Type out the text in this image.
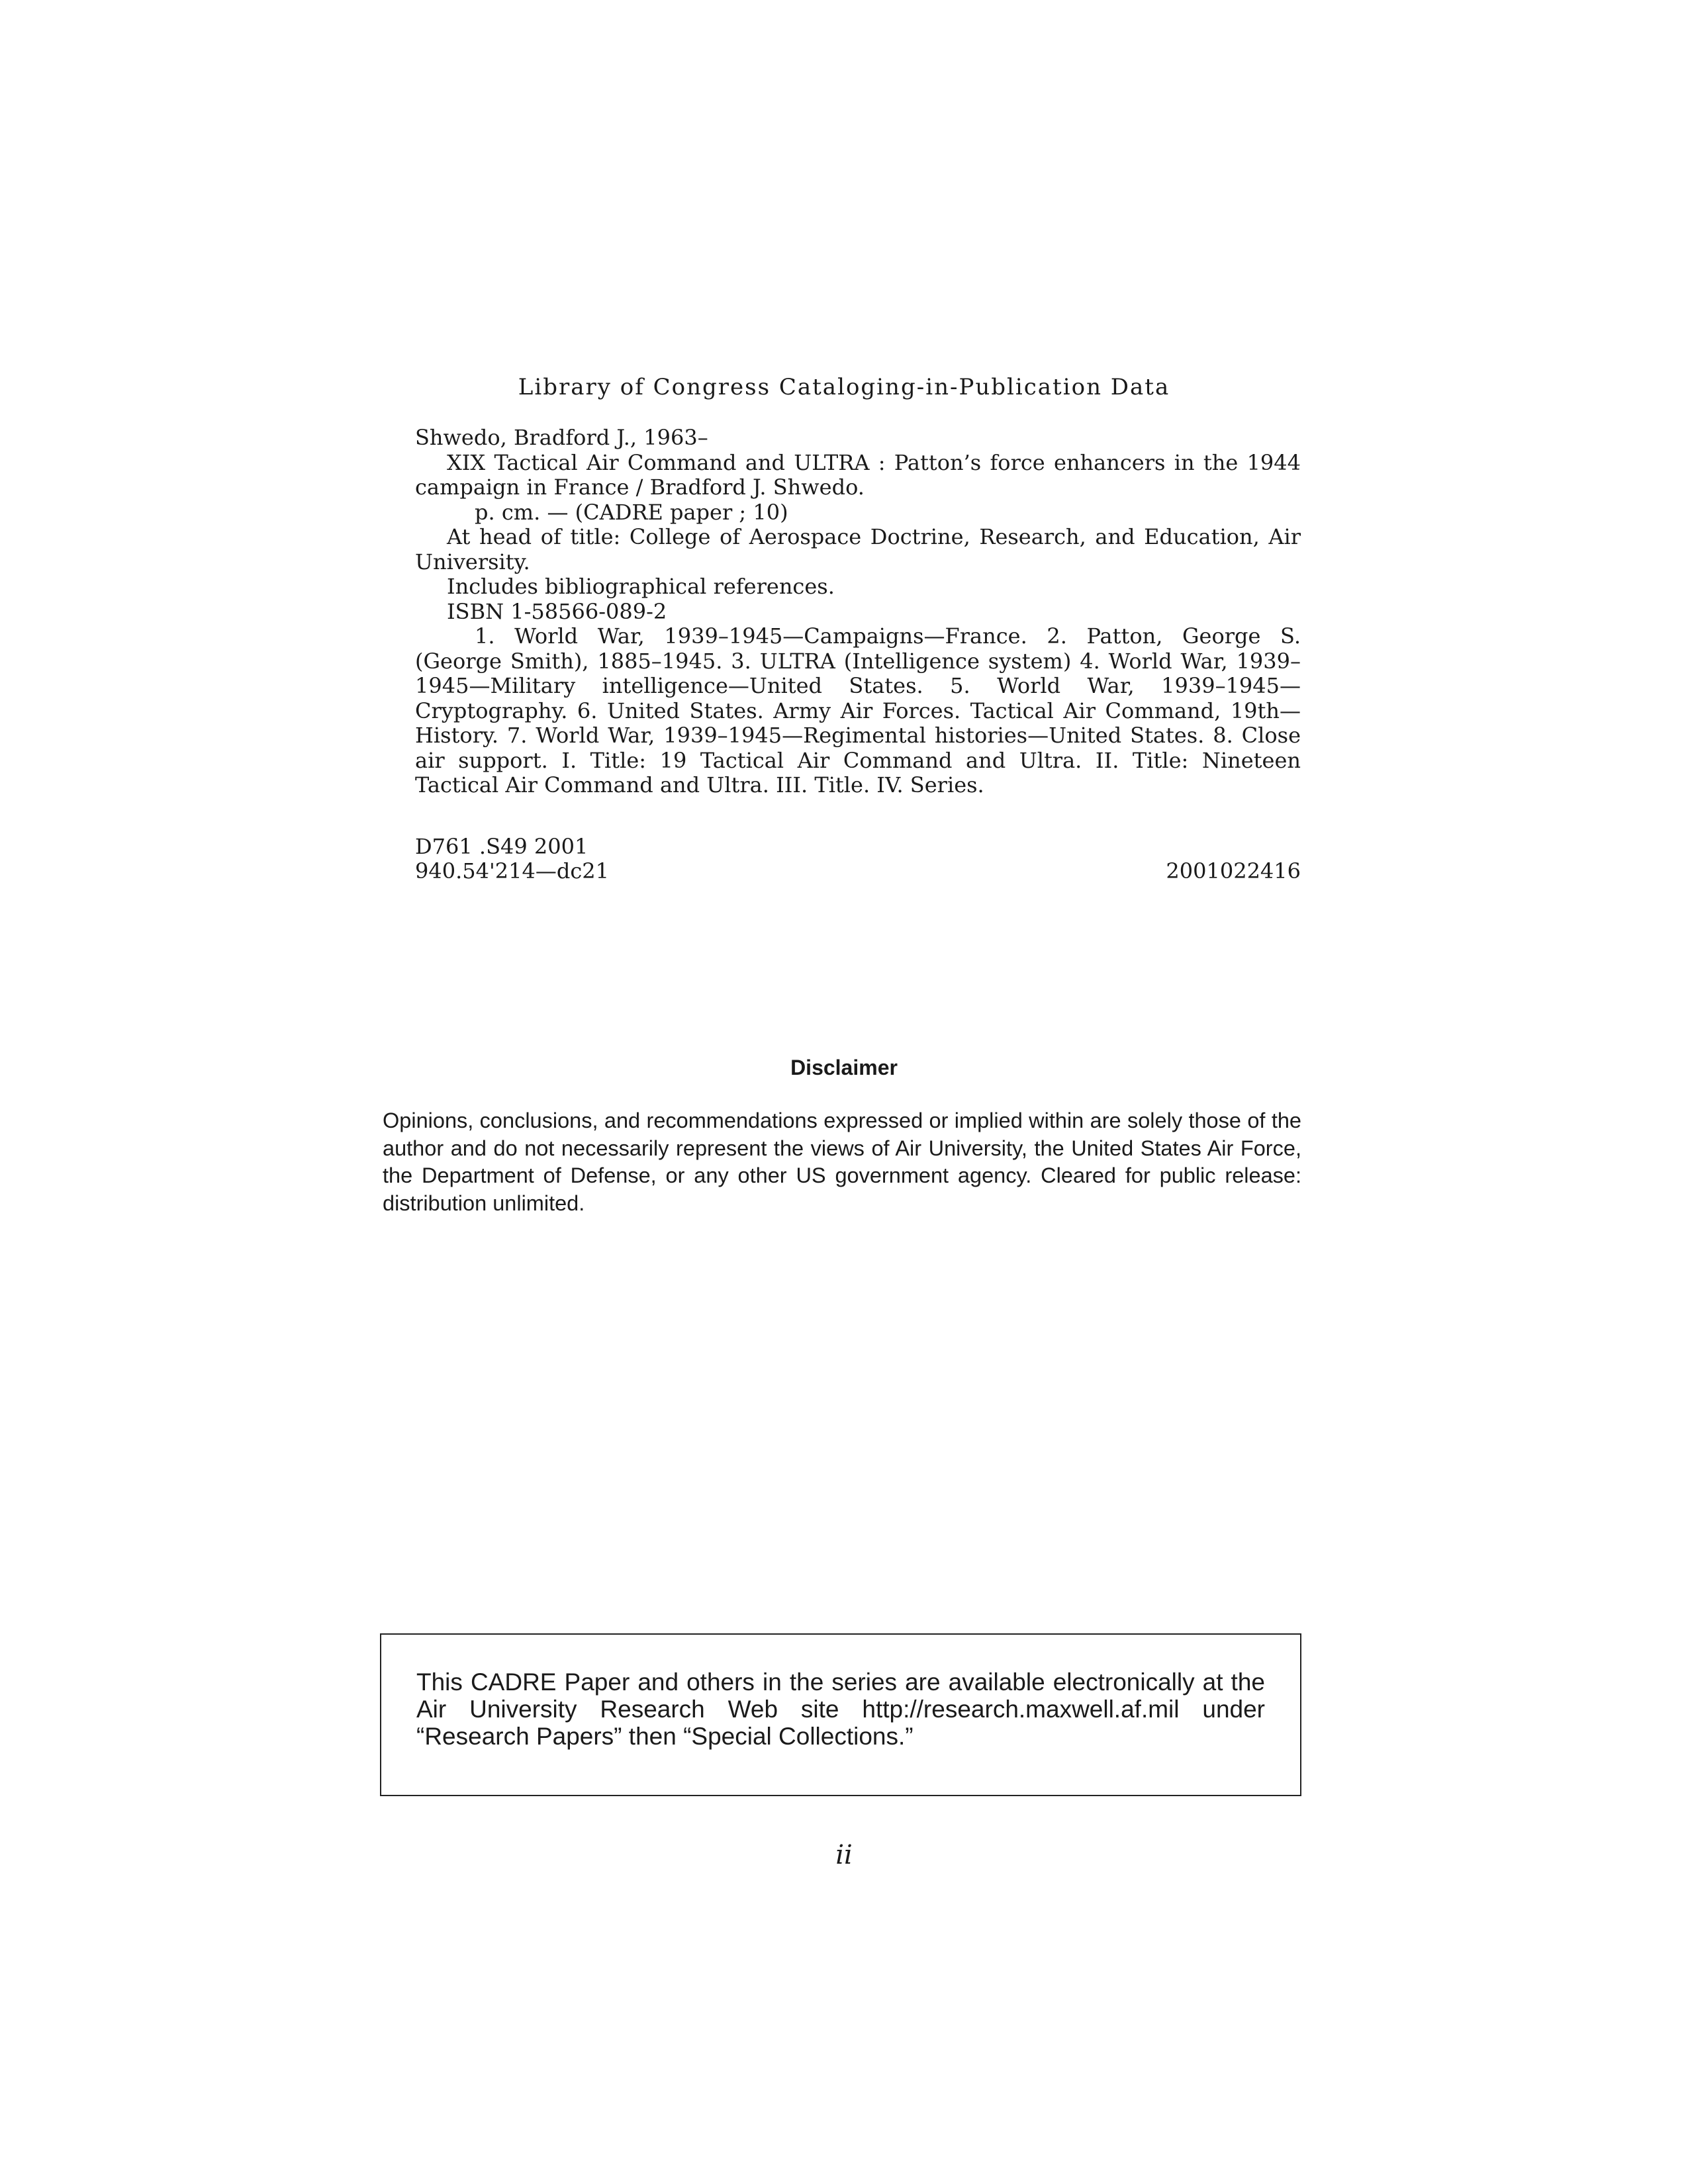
Library of Congress Cataloging-in-Publication Data

Shwedo, Bradford J., 1963–

XIX Tactical Air Command and ULTRA : Patton’s force enhancers in the 1944 campaign in France / Bradford J. Shwedo.

p. cm. — (CADRE paper ; 10)

At head of title: College of Aerospace Doctrine, Research, and Education, Air University.

Includes bibliographical references.

ISBN 1-58566-089-2

1. World War, 1939–1945—Campaigns—France. 2. Patton, George S. (George Smith), 1885–1945. 3. ULTRA (Intelligence system) 4. World War, 1939–1945—Military intelligence—United States. 5. World War, 1939–1945— Cryptography. 6. United States. Army Air Forces. Tactical Air Command, 19th— History. 7. World War, 1939–1945—Regimental histories—United States. 8. Close air support. I. Title: 19 Tactical Air Command and Ultra. II. Title: Nineteen Tactical Air Command and Ultra. III. Title. IV. Series.

D761 .S49 2001

940.54'214—dc21	2001022416
Disclaimer

Opinions, conclusions, and recommendations expressed or implied within are solely those of the author and do not necessarily represent the views of Air University, the United States Air Force, the Department of Defense, or any other US government agency. Cleared for public release: distribution unlimited.

This CADRE Paper and others in the series are available electronically at the Air University Research Web site http://research.maxwell.af.mil under “Research Papers” then “Special Collections.”

ii
